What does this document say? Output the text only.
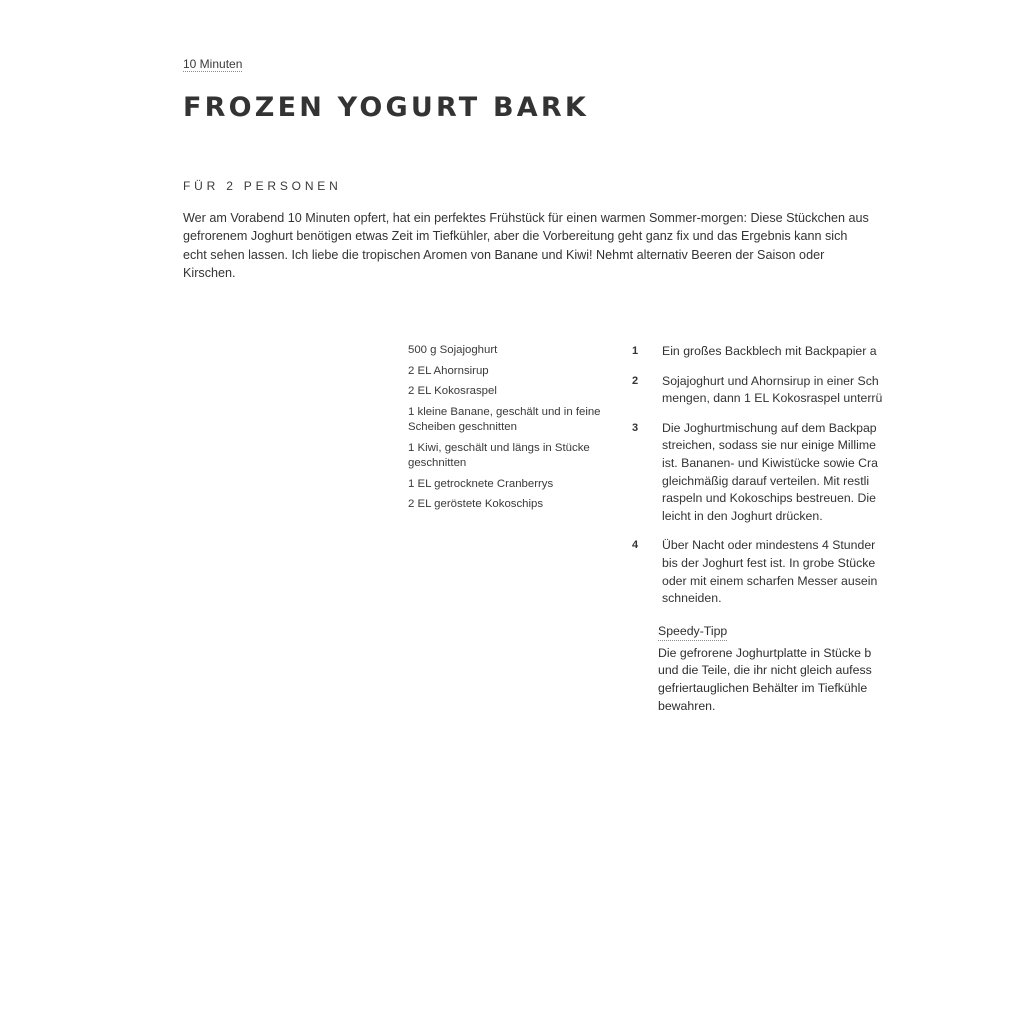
10 Minuten
FROZEN YOGURT BARK
FÜR 2 PERSONEN

Wer am Vorabend 10 Minuten opfert, hat ein perfektes Frühstück für einen warmen Sommer-morgen: Diese Stückchen aus gefrorenem Joghurt benötigen etwas Zeit im Tiefkühler, aber die Vorbereitung geht ganz fix und das Ergebnis kann sich echt sehen lassen. Ich liebe die tropischen Aromen von Banane und Kiwi! Nehmt alternativ Beeren der Saison oder Kirschen.

500 g Sojajoghurt
2 EL Ahornsirup
2 EL Kokosraspel
1 kleine Banane, geschält und in feine Scheiben geschnitten
1 Kiwi, geschält und längs in Stücke geschnitten
1 EL getrocknete Cranberrys
2 EL geröstete Kokoschips
1	Ein großes Backblech mit Backpapier a
2	Sojajoghurt und Ahornsirup in einer Sch
mengen, dann 1 EL Kokosraspel unterrü
3	Die Joghurtmischung auf dem Backpap
streichen, sodass sie nur einige Millime
ist. Bananen- und Kiwistücke sowie Cra
gleichmäßig darauf verteilen. Mit restli
raspeln und Kokoschips bestreuen. Die
leicht in den Joghurt drücken.
4	Über Nacht oder mindestens 4 Stunder
bis der Joghurt fest ist. In grobe Stücke
oder mit einem scharfen Messer ausein
schneiden.
Speedy-Tipp
Die gefrorene Joghurtplatte in Stücke b
und die Teile, die ihr nicht gleich aufess
gefriertauglichen Behälter im Tiefkühle
bewahren.
